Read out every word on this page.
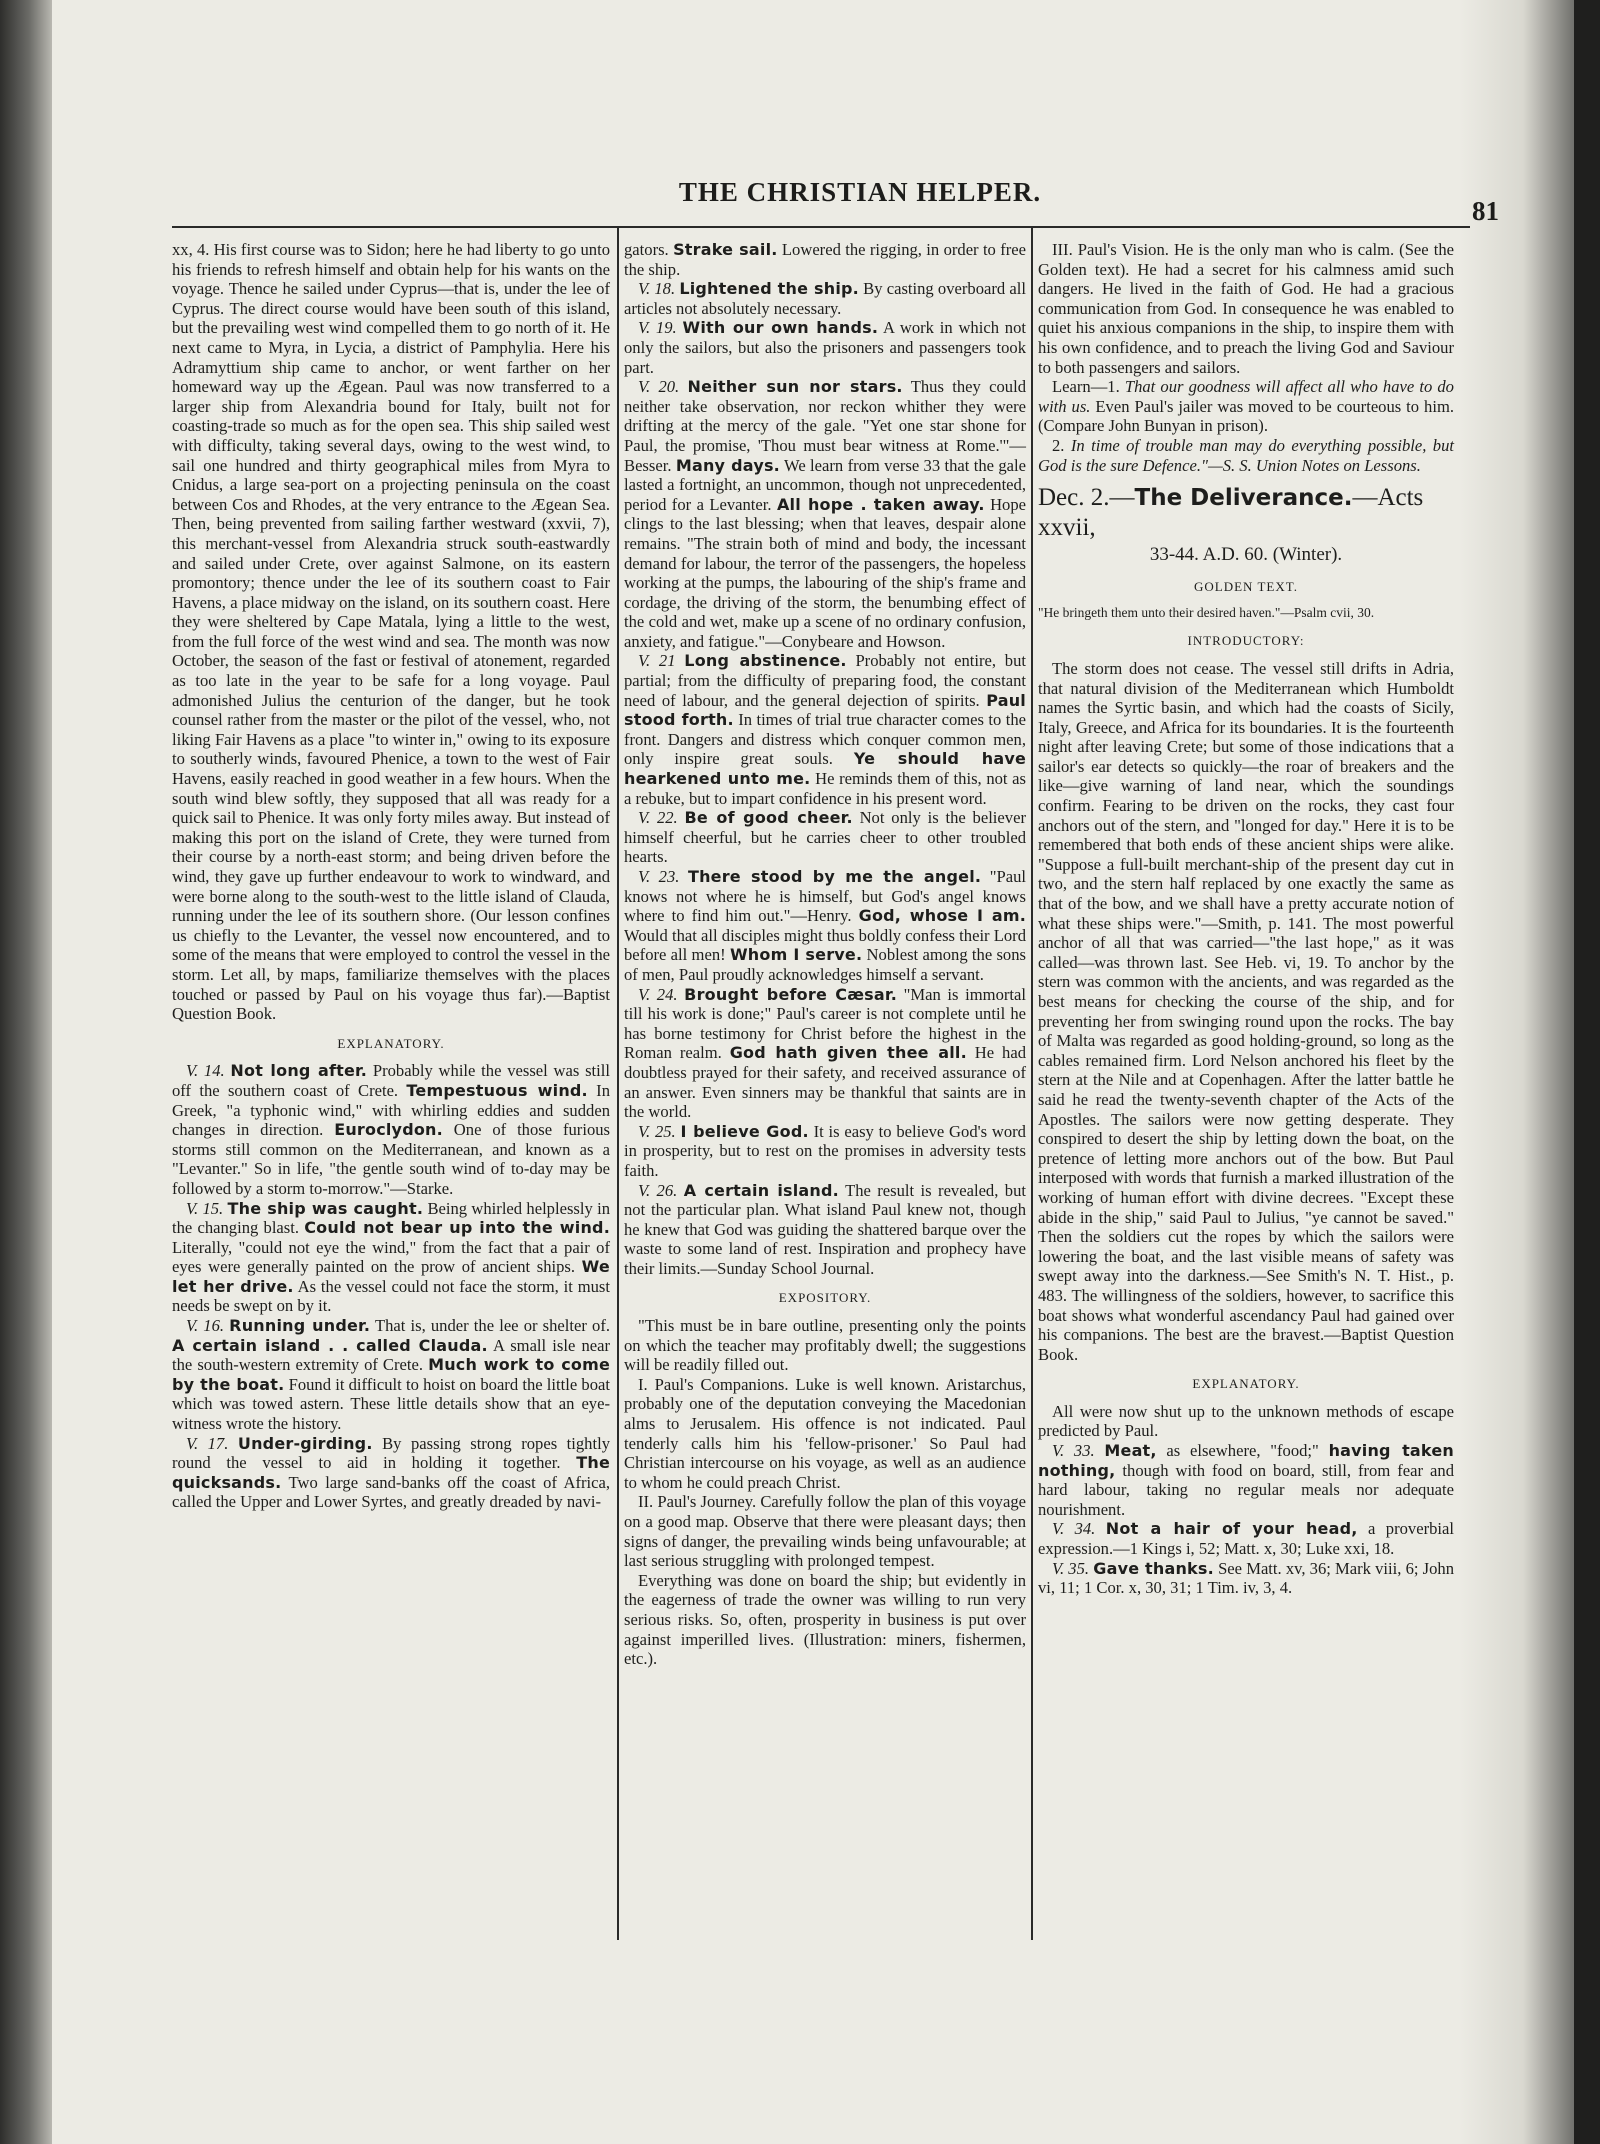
THE CHRISTIAN HELPER.
81

xx, 4. His first course was to Sidon; here he had liberty to go unto his friends to refresh himself and obtain help for his wants on the voyage. Thence he sailed under Cyprus—that is, under the lee of Cyprus. The direct course would have been south of this island, but the prevailing west wind compelled them to go north of it. He next came to Myra, in Lycia, a district of Pamphylia. Here his Adramyttium ship came to anchor, or went farther on her homeward way up the Ægean. Paul was now transferred to a larger ship from Alexandria bound for Italy, built not for coasting-trade so much as for the open sea. This ship sailed west with difficulty, taking several days, owing to the west wind, to sail one hundred and thirty geographical miles from Myra to Cnidus, a large sea-port on a projecting peninsula on the coast between Cos and Rhodes, at the very entrance to the Ægean Sea. Then, being prevented from sailing farther westward (xxvii, 7), this merchant-vessel from Alexandria struck south-eastwardly and sailed under Crete, over against Salmone, on its eastern promontory; thence under the lee of its southern coast to Fair Havens, a place midway on the island, on its southern coast. Here they were sheltered by Cape Matala, lying a little to the west, from the full force of the west wind and sea. The month was now October, the season of the fast or festival of atonement, regarded as too late in the year to be safe for a long voyage. Paul admonished Julius the centurion of the danger, but he took counsel rather from the master or the pilot of the vessel, who, not liking Fair Havens as a place "to winter in," owing to its exposure to southerly winds, favoured Phenice, a town to the west of Fair Havens, easily reached in good weather in a few hours. When the south wind blew softly, they supposed that all was ready for a quick sail to Phenice. It was only forty miles away. But instead of making this port on the island of Crete, they were turned from their course by a north-east storm; and being driven before the wind, they gave up further endeavour to work to windward, and were borne along to the south-west to the little island of Clauda, running under the lee of its southern shore. (Our lesson confines us chiefly to the Levanter, the vessel now encountered, and to some of the means that were employed to control the vessel in the storm. Let all, by maps, familiarize themselves with the places touched or passed by Paul on his voyage thus far).—Baptist Question Book.

EXPLANATORY.

V. 14. Not long after. Probably while the vessel was still off the southern coast of Crete. Tempestuous wind. In Greek, "a typhonic wind," with whirling eddies and sudden changes in direction. Euroclydon. One of those furious storms still common on the Mediterranean, and known as a "Levanter." So in life, "the gentle south wind of to-day may be followed by a storm to-morrow."—Starke.

V. 15. The ship was caught. Being whirled helplessly in the changing blast. Could not bear up into the wind. Literally, "could not eye the wind," from the fact that a pair of eyes were generally painted on the prow of ancient ships. We let her drive. As the vessel could not face the storm, it must needs be swept on by it.

V. 16. Running under. That is, under the lee or shelter of. A certain island . . called Clauda. A small isle near the south-western extremity of Crete. Much work to come by the boat. Found it difficult to hoist on board the little boat which was towed astern. These little details show that an eye-witness wrote the history.

V. 17. Under-girding. By passing strong ropes tightly round the vessel to aid in holding it together. The quicksands. Two large sand-banks off the coast of Africa, called the Upper and Lower Syrtes, and greatly dreaded by navi-

gators. Strake sail. Lowered the rigging, in order to free the ship.

V. 18. Lightened the ship. By casting overboard all articles not absolutely necessary.

V. 19. With our own hands. A work in which not only the sailors, but also the prisoners and passengers took part.

V. 20. Neither sun nor stars. Thus they could neither take observation, nor reckon whither they were drifting at the mercy of the gale. "Yet one star shone for Paul, the promise, 'Thou must bear witness at Rome.'"—Besser. Many days. We learn from verse 33 that the gale lasted a fortnight, an uncommon, though not unprecedented, period for a Levanter. All hope . taken away. Hope clings to the last blessing; when that leaves, despair alone remains. "The strain both of mind and body, the incessant demand for labour, the terror of the passengers, the hopeless working at the pumps, the labouring of the ship's frame and cordage, the driving of the storm, the benumbing effect of the cold and wet, make up a scene of no ordinary confusion, anxiety, and fatigue."—Conybeare and Howson.

V. 21 Long abstinence. Probably not entire, but partial; from the difficulty of preparing food, the constant need of labour, and the general dejection of spirits. Paul stood forth. In times of trial true character comes to the front. Dangers and distress which conquer common men, only inspire great souls. Ye should have hearkened unto me. He reminds them of this, not as a rebuke, but to impart confidence in his present word.

V. 22. Be of good cheer. Not only is the believer himself cheerful, but he carries cheer to other troubled hearts.

V. 23. There stood by me the angel. "Paul knows not where he is himself, but God's angel knows where to find him out."—Henry. God, whose I am. Would that all disciples might thus boldly confess their Lord before all men! Whom I serve. Noblest among the sons of men, Paul proudly acknowledges himself a servant.

V. 24. Brought before Cæsar. "Man is immortal till his work is done;" Paul's career is not complete until he has borne testimony for Christ before the highest in the Roman realm. God hath given thee all. He had doubtless prayed for their safety, and received assurance of an answer. Even sinners may be thankful that saints are in the world.

V. 25. I believe God. It is easy to believe God's word in prosperity, but to rest on the promises in adversity tests faith.

V. 26. A certain island. The result is revealed, but not the particular plan. What island Paul knew not, though he knew that God was guiding the shattered barque over the waste to some land of rest. Inspiration and prophecy have their limits.—Sunday School Journal.

EXPOSITORY.

"This must be in bare outline, presenting only the points on which the teacher may profitably dwell; the suggestions will be readily filled out.

I. Paul's Companions. Luke is well known. Aristarchus, probably one of the deputation conveying the Macedonian alms to Jerusalem. His offence is not indicated. Paul tenderly calls him his 'fellow-prisoner.' So Paul had Christian intercourse on his voyage, as well as an audience to whom he could preach Christ.

II. Paul's Journey. Carefully follow the plan of this voyage on a good map. Observe that there were pleasant days; then signs of danger, the prevailing winds being unfavourable; at last serious struggling with prolonged tempest.

Everything was done on board the ship; but evidently in the eagerness of trade the owner was willing to run very serious risks. So, often, prosperity in business is put over against imperilled lives. (Illustration: miners, fishermen, etc.).

III. Paul's Vision. He is the only man who is calm. (See the Golden text). He had a secret for his calmness amid such dangers. He lived in the faith of God. He had a gracious communication from God. In consequence he was enabled to quiet his anxious companions in the ship, to inspire them with his own confidence, and to preach the living God and Saviour to both passengers and sailors.

Learn—1. That our goodness will affect all who have to do with us. Even Paul's jailer was moved to be courteous to him. (Compare John Bunyan in prison).

2. In time of trouble man may do everything possible, but God is the sure Defence."—S. S. Union Notes on Lessons.

Dec. 2.—The Deliverance.—Acts xxvii,

33-44. A.D. 60. (Winter).

GOLDEN TEXT.

"He bringeth them unto their desired haven."—Psalm cvii, 30.

INTRODUCTORY:

The storm does not cease. The vessel still drifts in Adria, that natural division of the Mediterranean which Humboldt names the Syrtic basin, and which had the coasts of Sicily, Italy, Greece, and Africa for its boundaries. It is the fourteenth night after leaving Crete; but some of those indications that a sailor's ear detects so quickly—the roar of breakers and the like—give warning of land near, which the soundings confirm. Fearing to be driven on the rocks, they cast four anchors out of the stern, and "longed for day." Here it is to be remembered that both ends of these ancient ships were alike. "Suppose a full-built merchant-ship of the present day cut in two, and the stern half replaced by one exactly the same as that of the bow, and we shall have a pretty accurate notion of what these ships were."—Smith, p. 141. The most powerful anchor of all that was carried—"the last hope," as it was called—was thrown last. See Heb. vi, 19. To anchor by the stern was common with the ancients, and was regarded as the best means for checking the course of the ship, and for preventing her from swinging round upon the rocks. The bay of Malta was regarded as good holding-ground, so long as the cables remained firm. Lord Nelson anchored his fleet by the stern at the Nile and at Copenhagen. After the latter battle he said he read the twenty-seventh chapter of the Acts of the Apostles. The sailors were now getting desperate. They conspired to desert the ship by letting down the boat, on the pretence of letting more anchors out of the bow. But Paul interposed with words that furnish a marked illustration of the working of human effort with divine decrees. "Except these abide in the ship," said Paul to Julius, "ye cannot be saved." Then the soldiers cut the ropes by which the sailors were lowering the boat, and the last visible means of safety was swept away into the darkness.—See Smith's N. T. Hist., p. 483. The willingness of the soldiers, however, to sacrifice this boat shows what wonderful ascendancy Paul had gained over his companions. The best are the bravest.—Baptist Question Book.

EXPLANATORY.

All were now shut up to the unknown methods of escape predicted by Paul.

V. 33. Meat, as elsewhere, "food;" having taken nothing, though with food on board, still, from fear and hard labour, taking no regular meals nor adequate nourishment.

V. 34. Not a hair of your head, a proverbial expression.—1 Kings i, 52; Matt. x, 30; Luke xxi, 18.

V. 35. Gave thanks. See Matt. xv, 36; Mark viii, 6; John vi, 11; 1 Cor. x, 30, 31; 1 Tim. iv, 3, 4.
